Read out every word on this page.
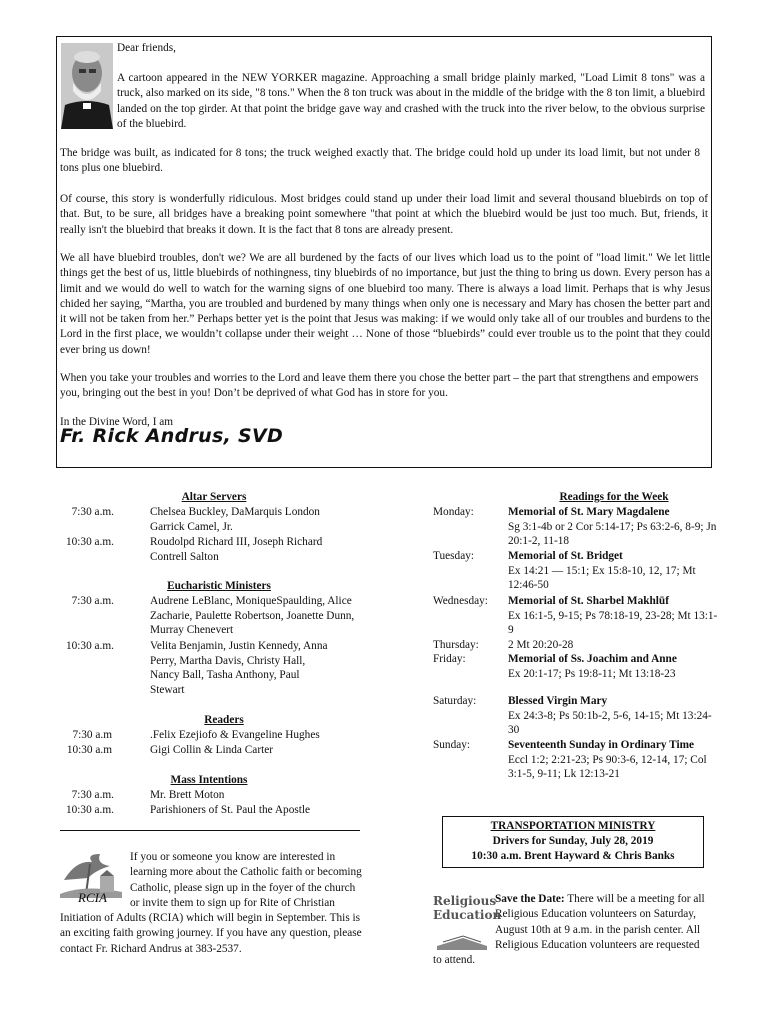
Dear friends,

A cartoon appeared in the NEW YORKER magazine. Approaching a small bridge plainly marked, "Load Limit 8 tons" was a truck, also marked on its side, "8 tons." When the 8 ton truck was about in the middle of the bridge with the 8 ton limit, a bluebird landed on the top girder. At that point the bridge gave way and crashed with the truck into the river below, to the obvious surprise of the bluebird.

The bridge was built, as indicated for 8 tons; the truck weighed exactly that. The bridge could hold up under its load limit, but not under 8 tons plus one bluebird.

Of course, this story is wonderfully ridiculous. Most bridges could stand up under their load limit and several thousand bluebirds on top of that. But, to be sure, all bridges have a breaking point somewhere "that point at which the bluebird would be just too much. But, friends, it really isn't the bluebird that breaks it down. It is the fact that 8 tons are already present.

We all have bluebird troubles, don't we? We are all burdened by the facts of our lives which load us to the point of "load limit." We let little things get the best of us, little bluebirds of nothingness, tiny bluebirds of no importance, but just the thing to bring us down. Every person has a limit and we would do well to watch for the warning signs of one bluebird too many. There is always a load limit. Perhaps that is why Jesus chided her saying, “Martha, you are troubled and burdened by many things when only one is necessary and Mary has chosen the better part and it will not be taken from her.” Perhaps better yet is the point that Jesus was making: if we would only take all of our troubles and burdens to the Lord in the first place, we wouldn’t collapse under their weight … None of those “bluebirds” could ever trouble us to the point that they could ever bring us down!

When you take your troubles and worries to the Lord and leave them there you chose the better part – the part that strengthens and empowers you, bringing out the best in you! Don’t be deprived of what God has in store for you.

In the Divine Word, I am

Fr. Rick Andrus, SVD
Altar Servers
7:30 a.m.	Chelsea Buckley, DaMarquis London Garrick Camel, Jr.
10:30 a.m.	Roudolpd Richard III, Joseph Richard Contrell Salton
Eucharistic Ministers
7:30 a.m.	Audrene LeBlanc, MoniqueSpaulding, Alice Zacharie, Paulette Robertson, Joanette Dunn, Murray Chenevert
10:30 a.m.	Velita Benjamin, Justin Kennedy, Anna Perry, Martha Davis, Christy Hall, Nancy Ball, Tasha Anthony, Paul Stewart
Readers
7:30 a.m	.Felix Ezejiofo & Evangeline Hughes
10:30 a.m	Gigi Collin & Linda Carter
Mass Intentions
7:30 a.m.	Mr. Brett Moton
10:30 a.m.	Parishioners of St. Paul the Apostle
Readings for the Week
Monday:	Memorial of St. Mary Magdalene
Sg 3:1-4b or 2 Cor 5:14-17; Ps 63:2-6, 8-9; Jn 20:1-2, 11-18
Tuesday:	Memorial of St. Bridget
Ex 14:21 — 15:1; Ex 15:8-10, 12, 17; Mt 12:46-50
Wednesday:	Memorial of St. Sharbel Makhlūf
Ex 16:1-5, 9-15; Ps 78:18-19, 23-28; Mt 13:1-9
Thursday:	2 Mt 20:20-28
Friday:	Memorial of Ss. Joachim and Anne
Ex 20:1-17; Ps 19:8-11; Mt 13:18-23
Saturday:	Blessed Virgin Mary
Ex 24:3-8; Ps 50:1b-2, 5-6, 14-15; Mt 13:24-30
Sunday:	Seventeenth Sunday in Ordinary Time
Eccl 1:2; 2:21-23; Ps 90:3-6, 12-14, 17; Col 3:1-5, 9-11; Lk 12:13-21
TRANSPORTATION MINISTRY
Drivers for Sunday, July 28, 2019
10:30 a.m. Brent Hayward & Chris Banks
RCIA
If you or someone you know are interested in learning more about the Catholic faith or becoming Catholic, please sign up in the foyer of the church or invite them to sign up for Rite of Christian Initiation of Adults (RCIA) which will begin in September. This is an exciting faith growing journey. If you have any question, please contact Fr. Richard Andrus at 383-2537.
Religious Education
Save the Date: There will be a meeting for all Religious Education volunteers on Saturday, August 10th at 9 a.m. in the parish center. All Religious Education volunteers are requested to attend.
